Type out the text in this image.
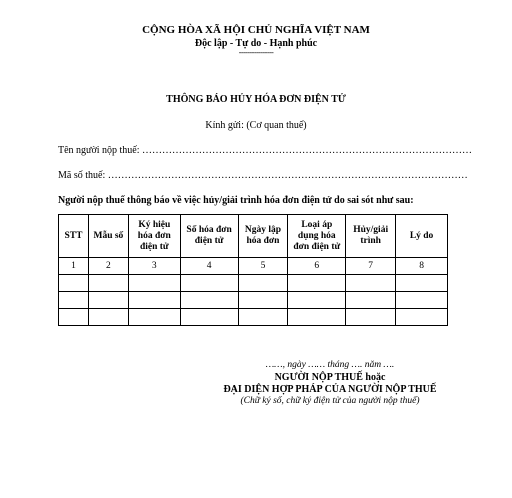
CỘNG HÒA XÃ HỘI CHỦ NGHĨA VIỆT NAM
Độc lập - Tự do - Hạnh phúc
----------------
THÔNG BÁO HỦY HÓA ĐƠN ĐIỆN TỬ
Kính gửi: (Cơ quan thuế)
Tên người nộp thuế: ………………………………………………………………………………………
Mã số thuế: ………………………………………………………………………………………………
Người nộp thuế thông báo về việc hủy/giải trình hóa đơn điện tử do sai sót như sau:
STT	Mẫu số	Ký hiệu hóa đơn điện tử	Số hóa đơn điện tử	Ngày lập hóa đơn	Loại áp dụng hóa đơn điện tử	Hủy/giải trình	Lý do
1	2	3	4	5	6	7	8

……, ngày …… tháng …. năm ….
NGƯỜI NỘP THUẾ hoặc
ĐẠI DIỆN HỢP PHÁP CỦA NGƯỜI NỘP THUẾ
(Chữ ký số, chữ ký điện tử của người nộp thuế)
